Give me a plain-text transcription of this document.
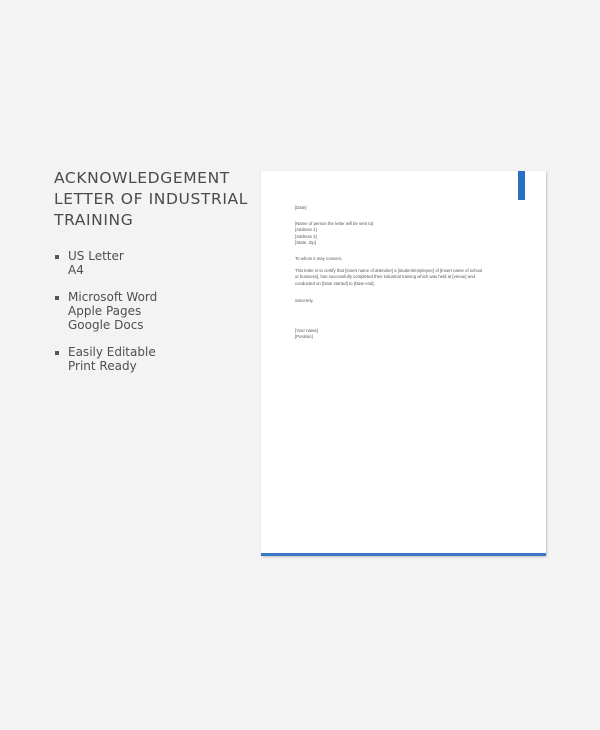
ACKNOWLEDGEMENT
LETTER OF INDUSTRIAL
TRAINING
US Letter
A4
Microsoft Word
Apple Pages
Google Docs
Easily Editable
Print Ready
[Date]
[Name of person the letter will be sent to]
[Address 1]
[Address 2]
[State, Zip]
To whom it may concern,
This letter is to certify that [Insert name of attendee] a [student/employee] of [Insert name of school
or business], has successfully completed their industrial training which was held at [venue] and
conducted on [Date started] to [Date end].
Sincerely,
[Your name]
[Position]
